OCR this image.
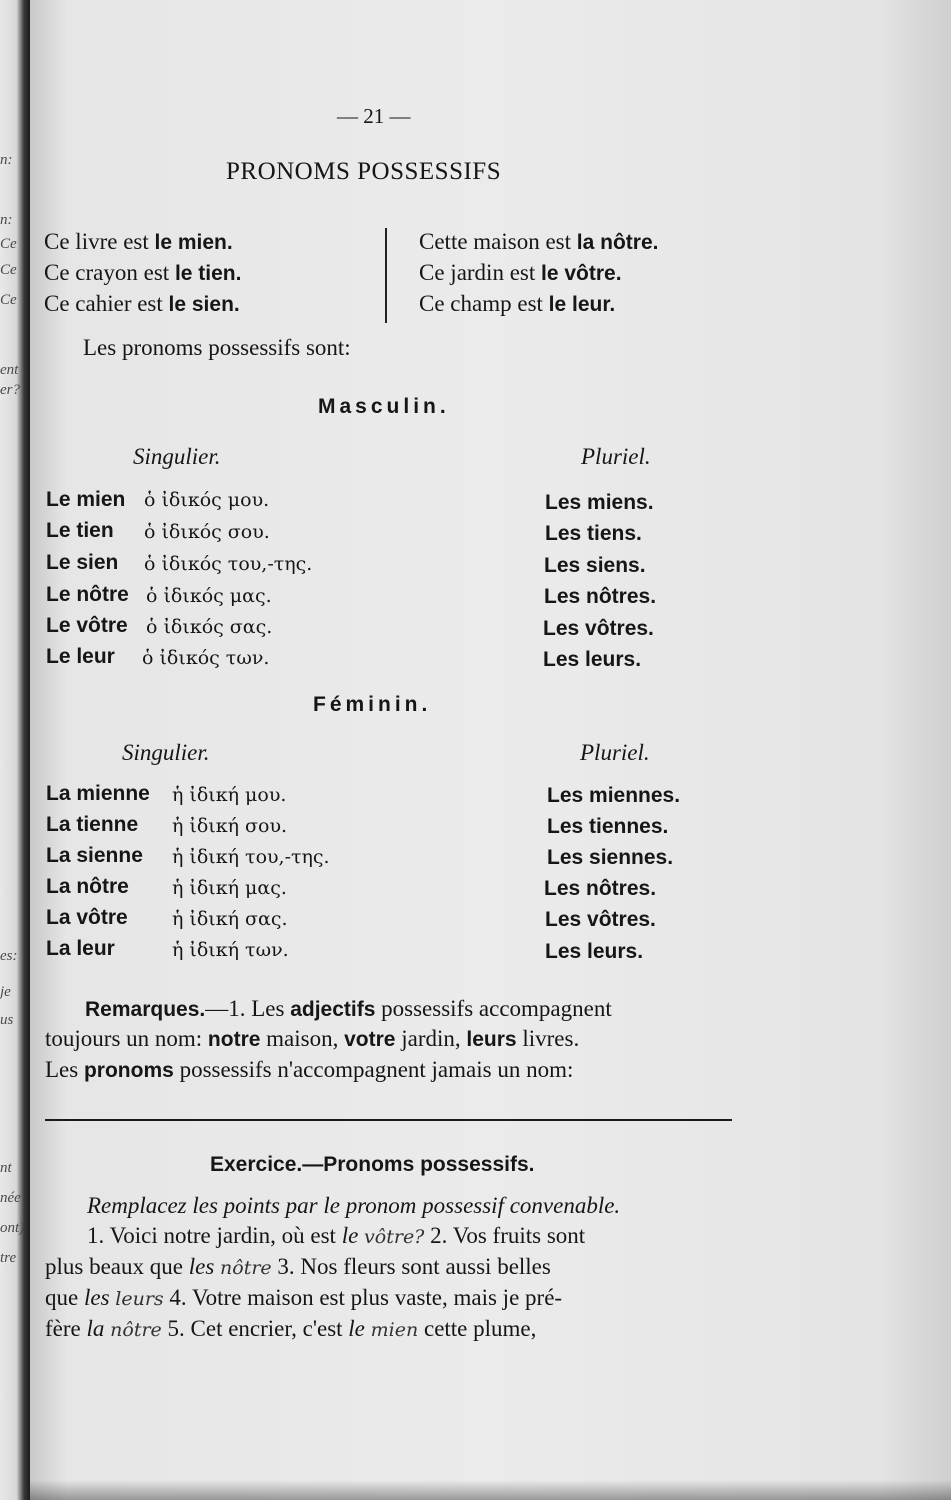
n:
n:
Ce
Ce
Ce
ent
er?
es:
je
us
nt
née
ont)
tre
— 21 —
PRONOMS POSSESSIFS
Ce livre est le mien.
Ce crayon est le tien.
Ce cahier est le sien.
Cette maison est la nôtre.
Ce jardin est le vôtre.
Ce champ est le leur.
Les pronoms possessifs sont:
Masculin.
Singulier.	Pluriel.
Le mien ὁ ἰδικός μου.	Les miens.
Le tien ὁ ἰδικός σου.	Les tiens.
Le sien ὁ ἰδικός του,-της.	Les siens.
Le nôtre ὁ ἰδικός μας.	Les nôtres.
Le vôtre ὁ ἰδικός σας.	Les vôtres.
Le leur ὁ ἰδικός των.	Les leurs.
Féminin.
Singulier.	Pluriel.
La mienne ἡ ἰδική μου.	Les miennes.
La tienne ἡ ἰδική σου.	Les tiennes.
La sienne ἡ ἰδική του,-της.	Les siennes.
La nôtre ἡ ἰδική μας.	Les nôtres.
La vôtre ἡ ἰδική σας.	Les vôtres.
La leur	ἡ ἰδική των.	Les leurs.
Remarques.—1. Les adjectifs possessifs accompagnent
toujours un nom: notre maison, votre jardin, leurs livres.
Les pronoms possessifs n'accompagnent jamais un nom:
Exercice.—Pronoms possessifs.
Remplacez les points par le pronom possessif convenable.
1. Voici notre jardin, où est le vôtre? 2. Vos fruits sont
plus beaux que les nôtre 3. Nos fleurs sont aussi belles
que les leurs 4. Votre maison est plus vaste, mais je pré-
fère la nôtre 5. Cet encrier, c'est le mien cette plume,
